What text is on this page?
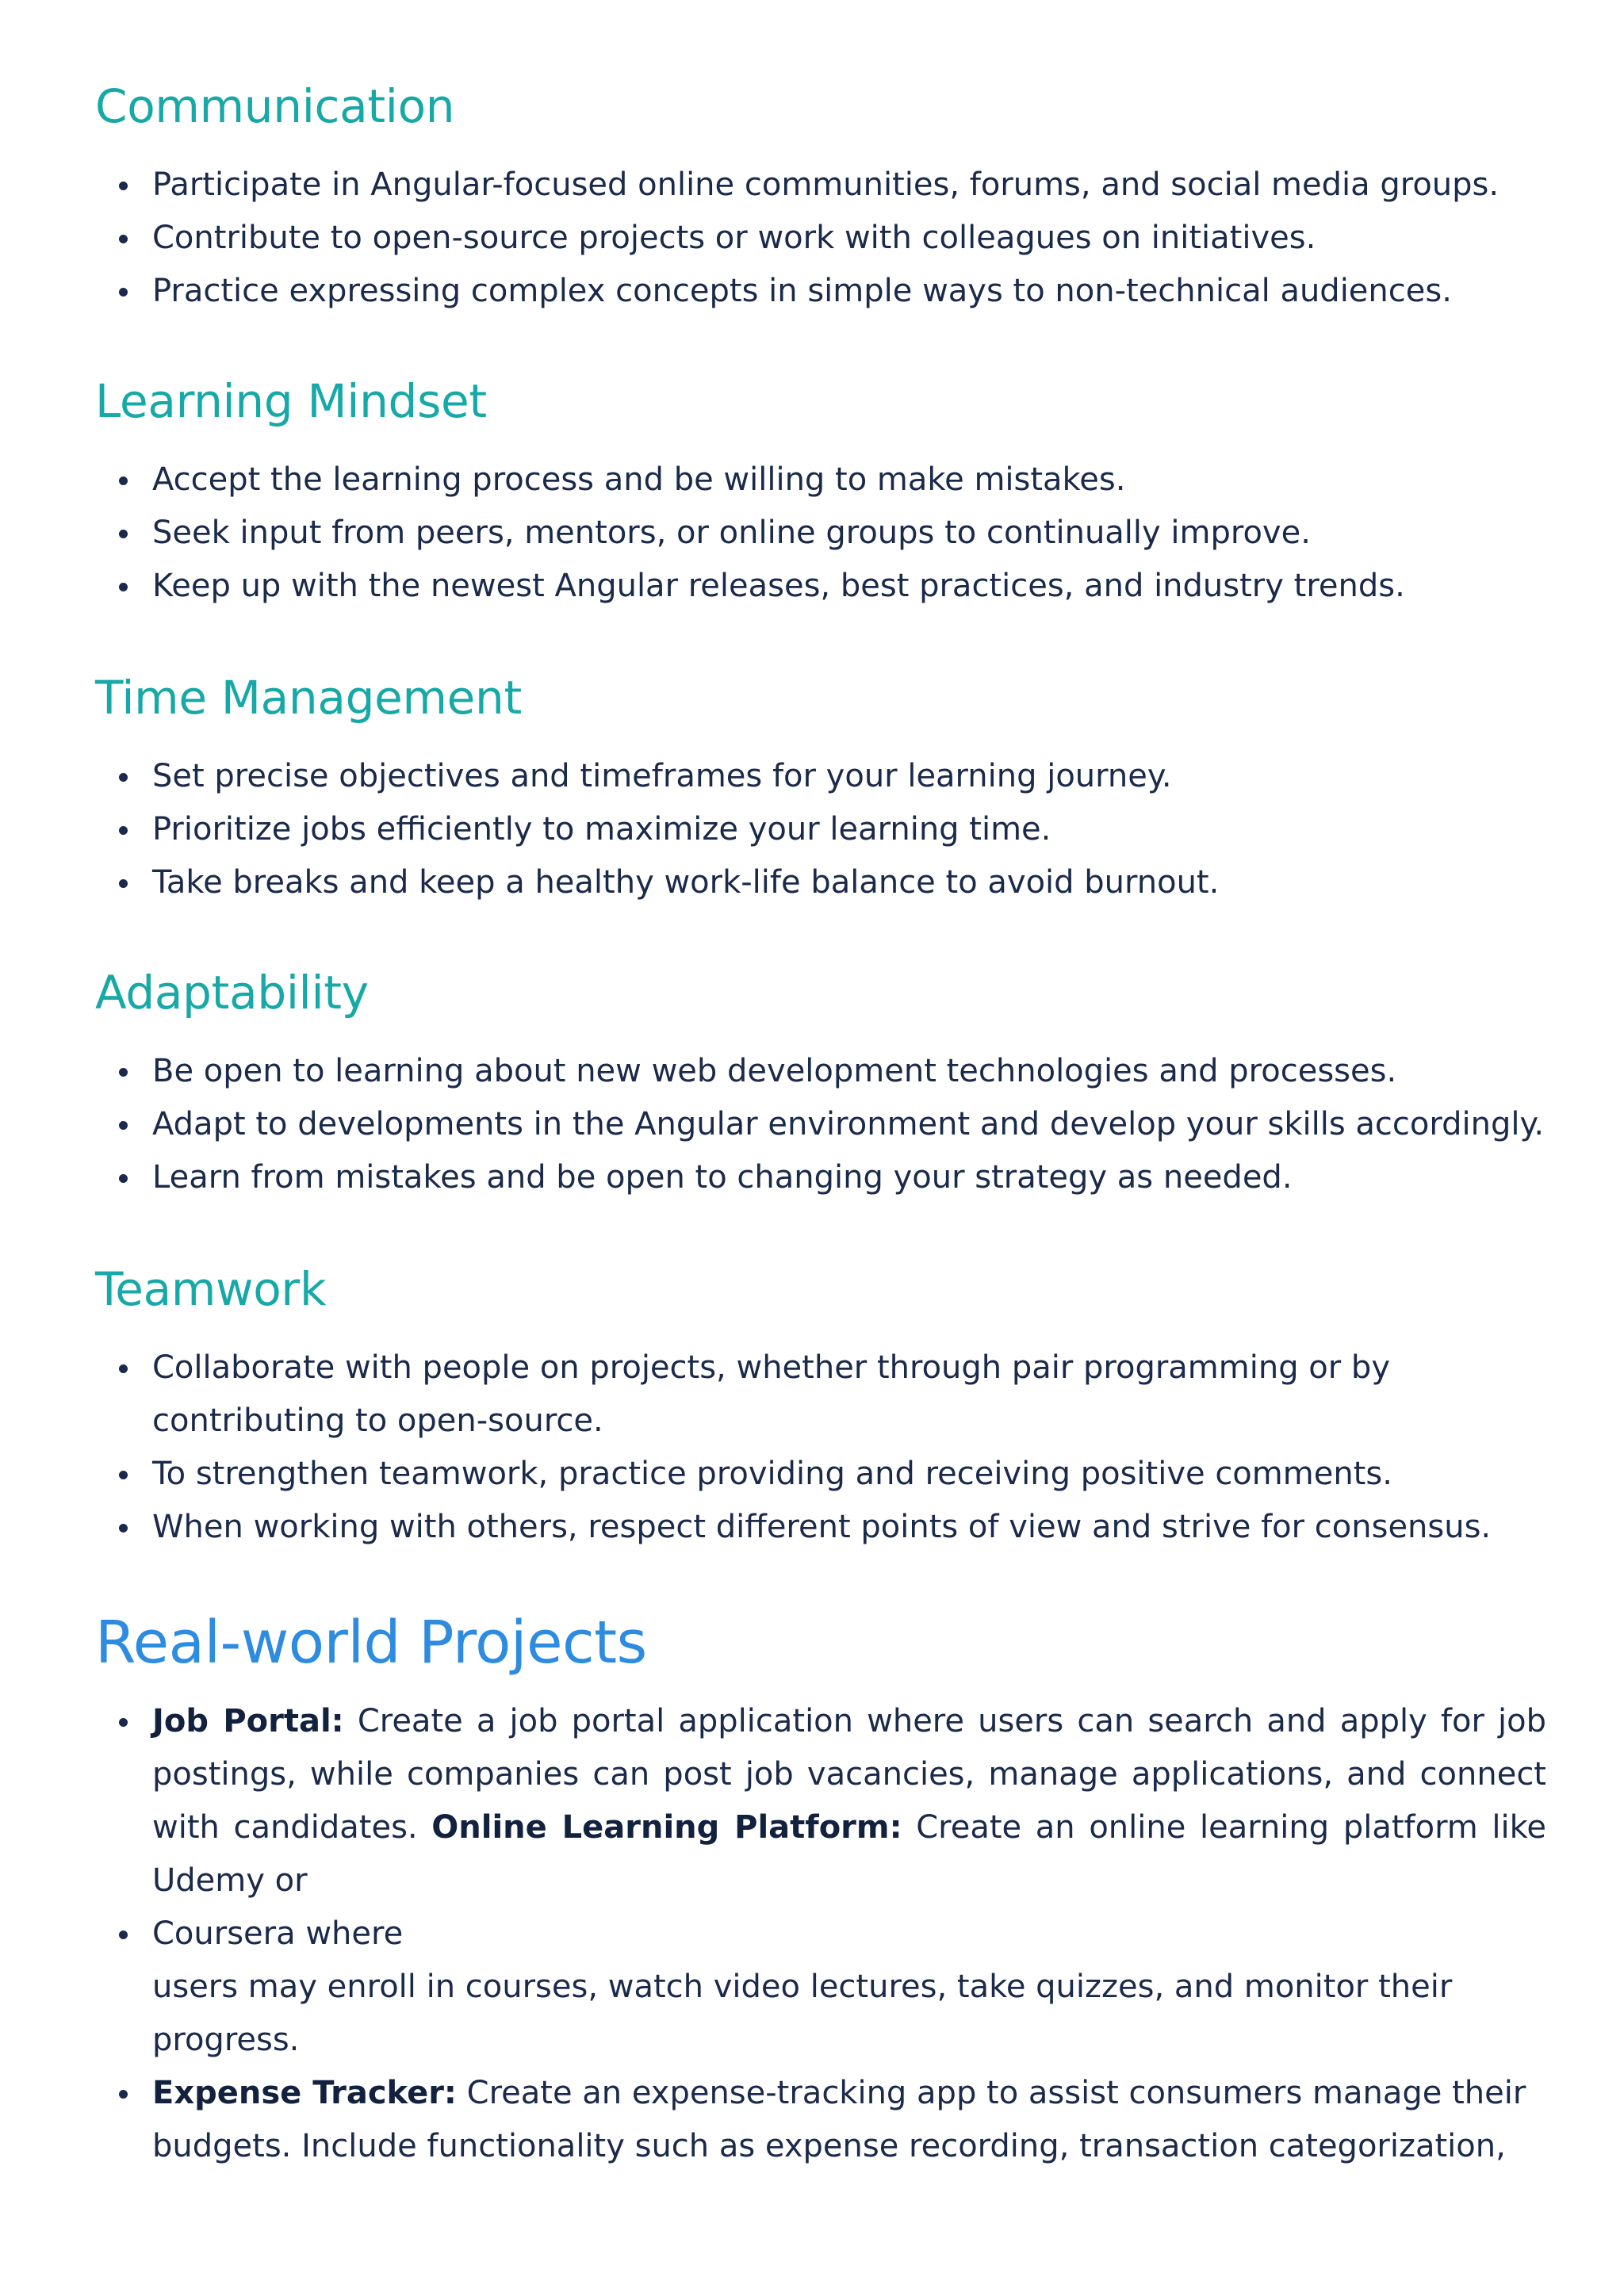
Communication
Participate in Angular-focused online communities, forums, and social media groups.
Contribute to open-source projects or work with colleagues on initiatives.
Practice expressing complex concepts in simple ways to non-technical audiences.
Learning Mindset
Accept the learning process and be willing to make mistakes.
Seek input from peers, mentors, or online groups to continually improve.
Keep up with the newest Angular releases, best practices, and industry trends.
Time Management
Set precise objectives and timeframes for your learning journey.
Prioritize jobs efficiently to maximize your learning time.
Take breaks and keep a healthy work-life balance to avoid burnout.
Adaptability
Be open to learning about new web development technologies and processes.
Adapt to developments in the Angular environment and develop your skills accordingly.
Learn from mistakes and be open to changing your strategy as needed.
Teamwork
Collaborate with people on projects, whether through pair programming or by contributing to open-source.
To strengthen teamwork, practice providing and receiving positive comments.
When working with others, respect different points of view and strive for consensus.
Real-world Projects
Job Portal: Create a job portal application where users can search and apply for job postings, while companies can post job vacancies, manage applications, and connect with candidates. Online Learning Platform: Create an online learning platform like Udemy or
Coursera where
users may enroll in courses, watch video lectures, take quizzes, and monitor their progress.
Expense Tracker: Create an expense-tracking app to assist consumers manage their budgets. Include functionality such as expense recording, transaction categorization,
